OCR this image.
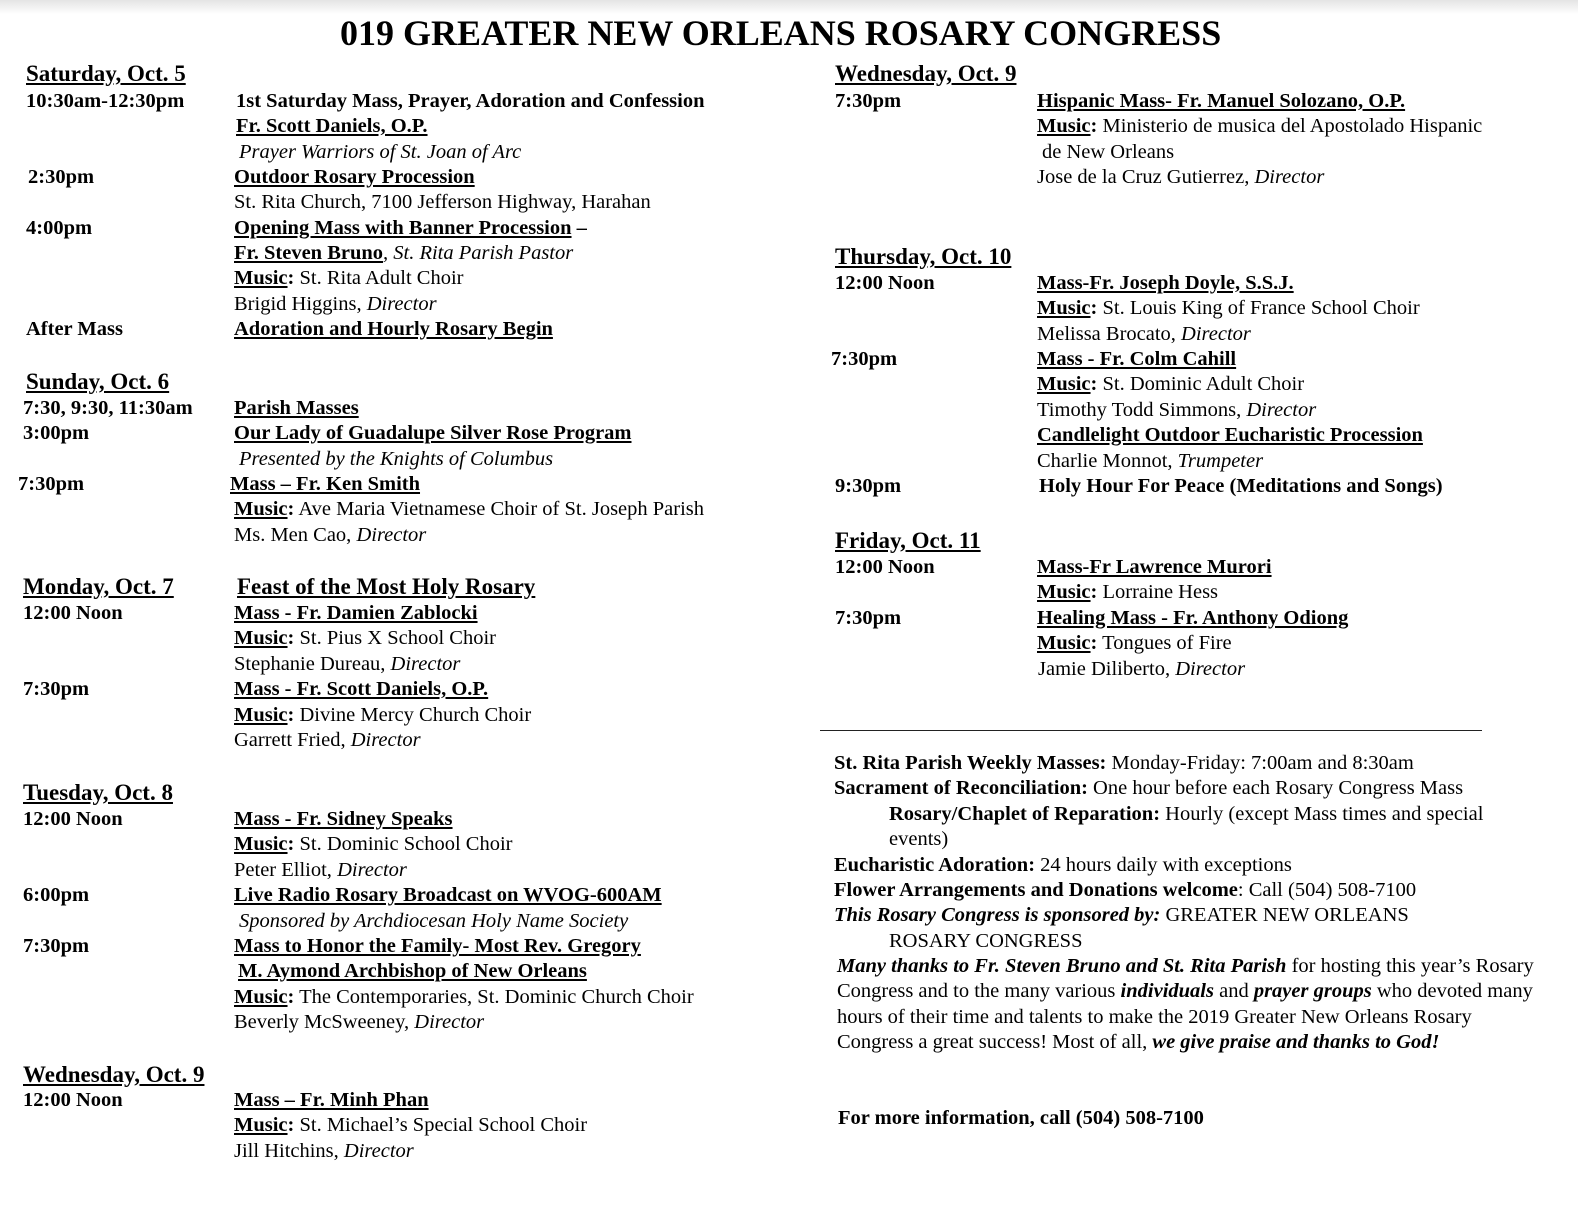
019 GREATER NEW ORLEANS ROSARY CONGRESS
Saturday, Oct. 5
10:30am-12:30pm	1st Saturday Mass, Prayer, Adoration and Confession
Fr. Scott Daniels, O.P.
Prayer Warriors of St. Joan of Arc
2:30pm	Outdoor Rosary Procession
St. Rita Church, 7100 Jefferson Highway, Harahan
4:00pm	Opening Mass with Banner Procession –
Fr. Steven Bruno, St. Rita Parish Pastor
Music: St. Rita Adult Choir
Brigid Higgins, Director
After Mass	Adoration and Hourly Rosary Begin
Sunday, Oct. 6
7:30, 9:30, 11:30am Parish Masses
3:00pm	Our Lady of Guadalupe Silver Rose Program
Presented by the Knights of Columbus
7:30pm	Mass – Fr. Ken Smith
Music: Ave Maria Vietnamese Choir of St. Joseph Parish
Ms. Men Cao, Director
Monday, Oct. 7	Feast of the Most Holy Rosary
12:00 Noon	Mass - Fr. Damien Zablocki
Music: St. Pius X School Choir
Stephanie Dureau, Director
7:30pm	Mass - Fr. Scott Daniels, O.P.
Music: Divine Mercy Church Choir
Garrett Fried, Director
Tuesday, Oct. 8
12:00 Noon	Mass - Fr. Sidney Speaks
Music: St. Dominic School Choir
Peter Elliot, Director
6:00pm	Live Radio Rosary Broadcast on WVOG-600AM
Sponsored by Archdiocesan Holy Name Society
7:30pm	Mass to Honor the Family- Most Rev. Gregory
M. Aymond Archbishop of New Orleans
Music: The Contemporaries, St. Dominic Church Choir
Beverly McSweeney, Director
Wednesday, Oct. 9
12:00 Noon	Mass – Fr. Minh Phan
Music: St. Michael’s Special School Choir
Jill Hitchins, Director
Wednesday, Oct. 9
7:30pm	Hispanic Mass- Fr. Manuel Solozano, O.P.
Music: Ministerio de musica del Apostolado Hispanic
de New Orleans
Jose de la Cruz Gutierrez, Director
Thursday, Oct. 10
12:00 Noon	Mass-Fr. Joseph Doyle, S.S.J.
Music: St. Louis King of France School Choir
Melissa Brocato, Director
7:30pm	Mass - Fr. Colm Cahill
Music: St. Dominic Adult Choir
Timothy Todd Simmons, Director
Candlelight Outdoor Eucharistic Procession
Charlie Monnot, Trumpeter
9:30pm	Holy Hour For Peace (Meditations and Songs)
Friday, Oct. 11
12:00 Noon	Mass-Fr Lawrence Murori
Music: Lorraine Hess
7:30pm	Healing Mass - Fr. Anthony Odiong
Music: Tongues of Fire
Jamie Diliberto, Director
St. Rita Parish Weekly Masses: Monday-Friday: 7:00am and 8:30am
Sacrament of Reconciliation: One hour before each Rosary Congress Mass
Rosary/Chaplet of Reparation: Hourly (except Mass times and special
events)
Eucharistic Adoration: 24 hours daily with exceptions
Flower Arrangements and Donations welcome: Call (504) 508-7100
This Rosary Congress is sponsored by: GREATER NEW ORLEANS
ROSARY CONGRESS
Many thanks to Fr. Steven Bruno and St. Rita Parish for hosting this year’s Rosary Congress and to the many various individuals and prayer groups who devoted many hours of their time and talents to make the 2019 Greater New Orleans Rosary Congress a great success! Most of all, we give praise and thanks to God!
For more information, call (504) 508-7100
